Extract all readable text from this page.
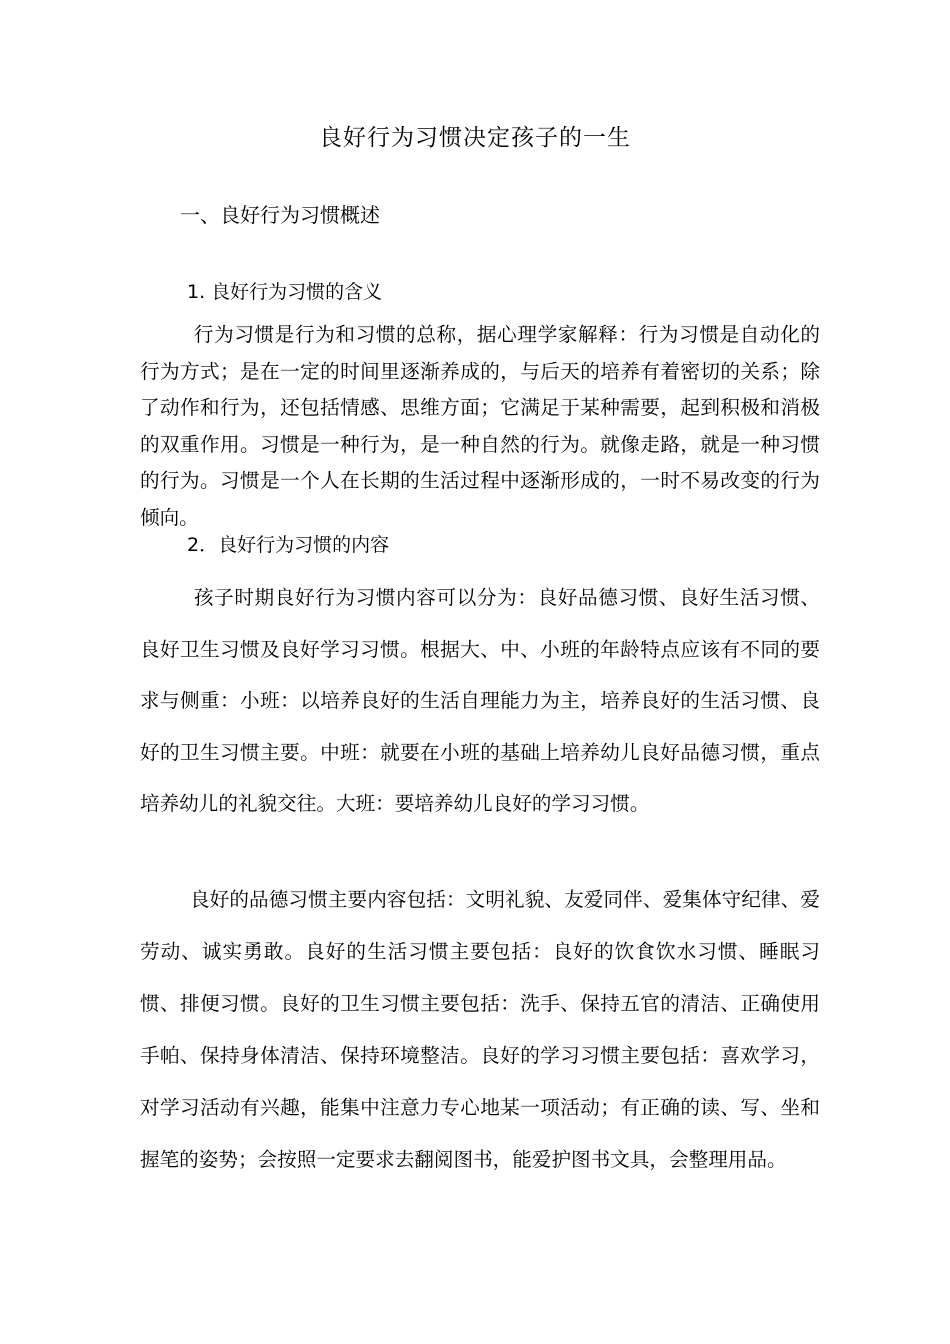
良好行为习惯决定孩子的一生
一、良好行为习惯概述
1. 良好行为习惯的含义

行为习惯是行为和习惯的总称，据心理学家解释：行为习惯是自动化的行为方式；是在一定的时间里逐渐养成的，与后天的培养有着密切的关系；除了动作和行为，还包括情感、思维方面；它满足于某种需要，起到积极和消极的双重作用。习惯是一种行为，是一种自然的行为。就像走路，就是一种习惯的行为。习惯是一个人在长期的生活过程中逐渐形成的，一时不易改变的行为倾向。

2．良好行为习惯的内容

孩子时期良好行为习惯内容可以分为：良好品德习惯、良好生活习惯、良好卫生习惯及良好学习习惯。根据大、中、小班的年龄特点应该有不同的要求与侧重：小班：以培养良好的生活自理能力为主，培养良好的生活习惯、良好的卫生习惯主要。中班：就要在小班的基础上培养幼儿良好品德习惯，重点培养幼儿的礼貌交往。大班：要培养幼儿良好的学习习惯。

良好的品德习惯主要内容包括：文明礼貌、友爱同伴、爱集体守纪律、爱劳动、诚实勇敢。良好的生活习惯主要包括：良好的饮食饮水习惯、睡眠习惯、排便习惯。良好的卫生习惯主要包括：洗手、保持五官的清洁、正确使用手帕、保持身体清洁、保持环境整洁。良好的学习习惯主要包括：喜欢学习，对学习活动有兴趣，能集中注意力专心地某一项活动；有正确的读、写、坐和握笔的姿势；会按照一定要求去翻阅图书，能爱护图书文具，会整理用品。
